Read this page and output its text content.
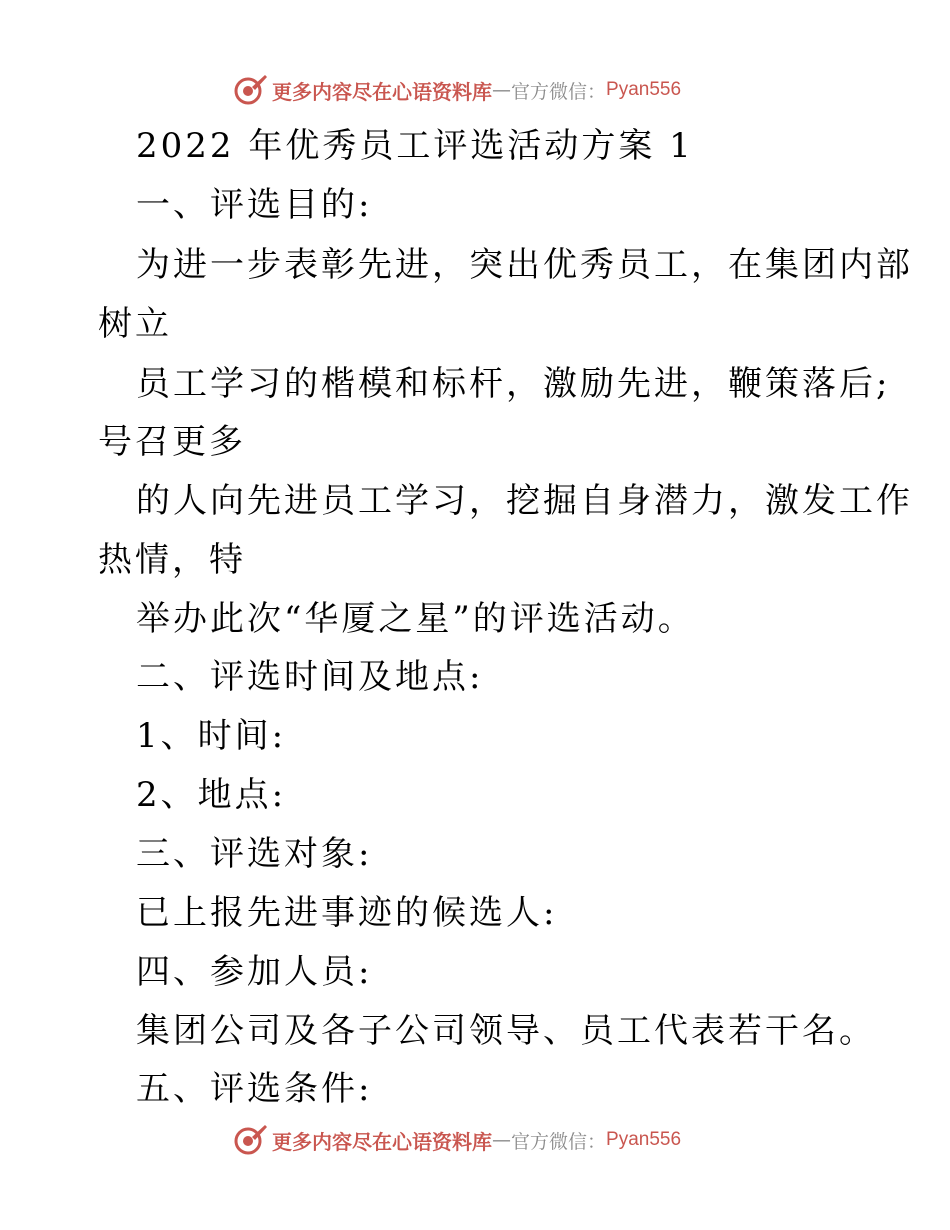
更多内容尽在心语资料库 — 官方微信： Pyan556
2022 年优秀员工评选活动方案 1
一、评选目的:
为进一步表彰先进，突出优秀员工，在集团内部
树立
员工学习的楷模和标杆，激励先进，鞭策落后;
号召更多
的人向先进员工学习，挖掘自身潜力，激发工作
热情，特
举办此次“华厦之星”的评选活动。
二、评选时间及地点:
1、时间:
2、地点:
三、评选对象:
已上报先进事迹的候选人:
四、参加人员:
集团公司及各子公司领导、员工代表若干名。
五、评选条件:
更多内容尽在心语资料库 — 官方微信： Pyan556
